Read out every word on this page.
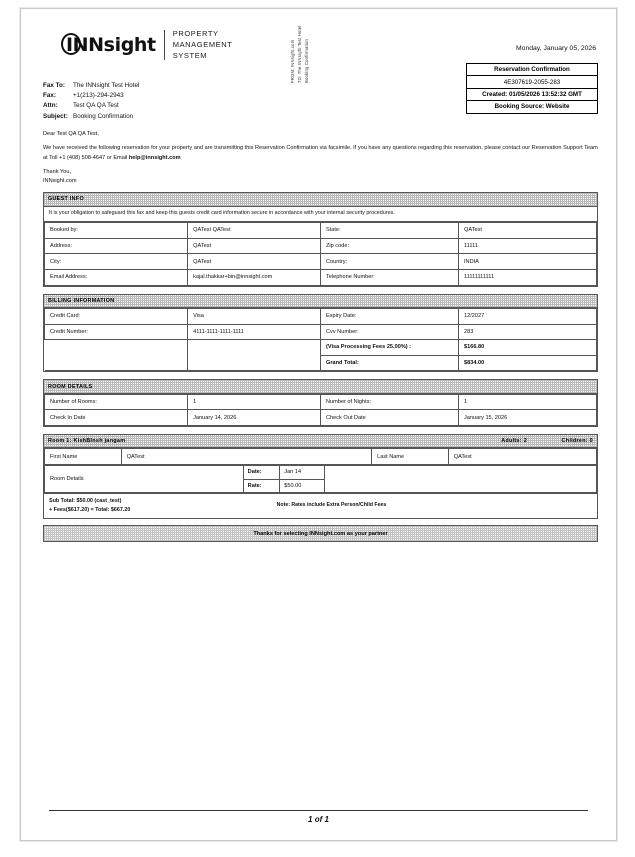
INNsight
PROPERTY
MANAGEMENT
SYSTEM	FROM: INNsight.com TO: The INNsight Test Hotel Booking Confirmation	Monday, January 05, 2026
Reservation Confirmation
4E307619-2055-283
Created: 01/05/2026 13:52:32 GMT
Booking Source: Website
Fax To:	The INNsight Test Hotel
Fax:	+1(213)-294-2943
Attn:	Test QA QA Test
Subject: Booking Confirmation
Dear Test QA QA Test,
We have received the following reservation for your property and are transmitting this Reservation Confirmation via facsimile. If you have any questions regarding this reservation, please contact our Reservation Support Team at Toll +1 (408) 508-4647 or Email help@innsight.com
Thank You,
INNsight.com
GUEST INFO
It is your obligation to safeguard this fax and keep this guests credit card information secure in accordance with your internal security procedures.
Booked by:	QATest QATest	State:	QATest
Address:	QATest	Zip code:	11111
City:	QATest	Country:	INDIA
Email Address:	kajal.thakkar+bin@innsight.com	Telephone Number:	11111111111
BILLING INFORMATION
Credit Card:	Visa	Expiry Date:	12/2027
Credit Number:	4111-1111-1111-1111	Cvv Number:	283
		(Visa Processing Fees 25.00%) :	$166.80
		Grand Total:	$834.00
ROOM DETAILS
Number of Rooms:	1	Number of Nights:	1
Check In Date	January 14, 2026	Check Out Date	January 15, 2026
Room 1: KishBlnsh jangam	Adults: 2	Children: 0
First Name	QATest	Last Name	QATest
Room Details	Date:	Jan 14	
	Rate:	$50.00	
Sub Total: $50.00 (cast_test)
+ Fees($617.20) = Total: $667.20
Note: Rates include Extra Person/Child Fees
Thanks for selecting INNsight.com as your partner
1 of 1
